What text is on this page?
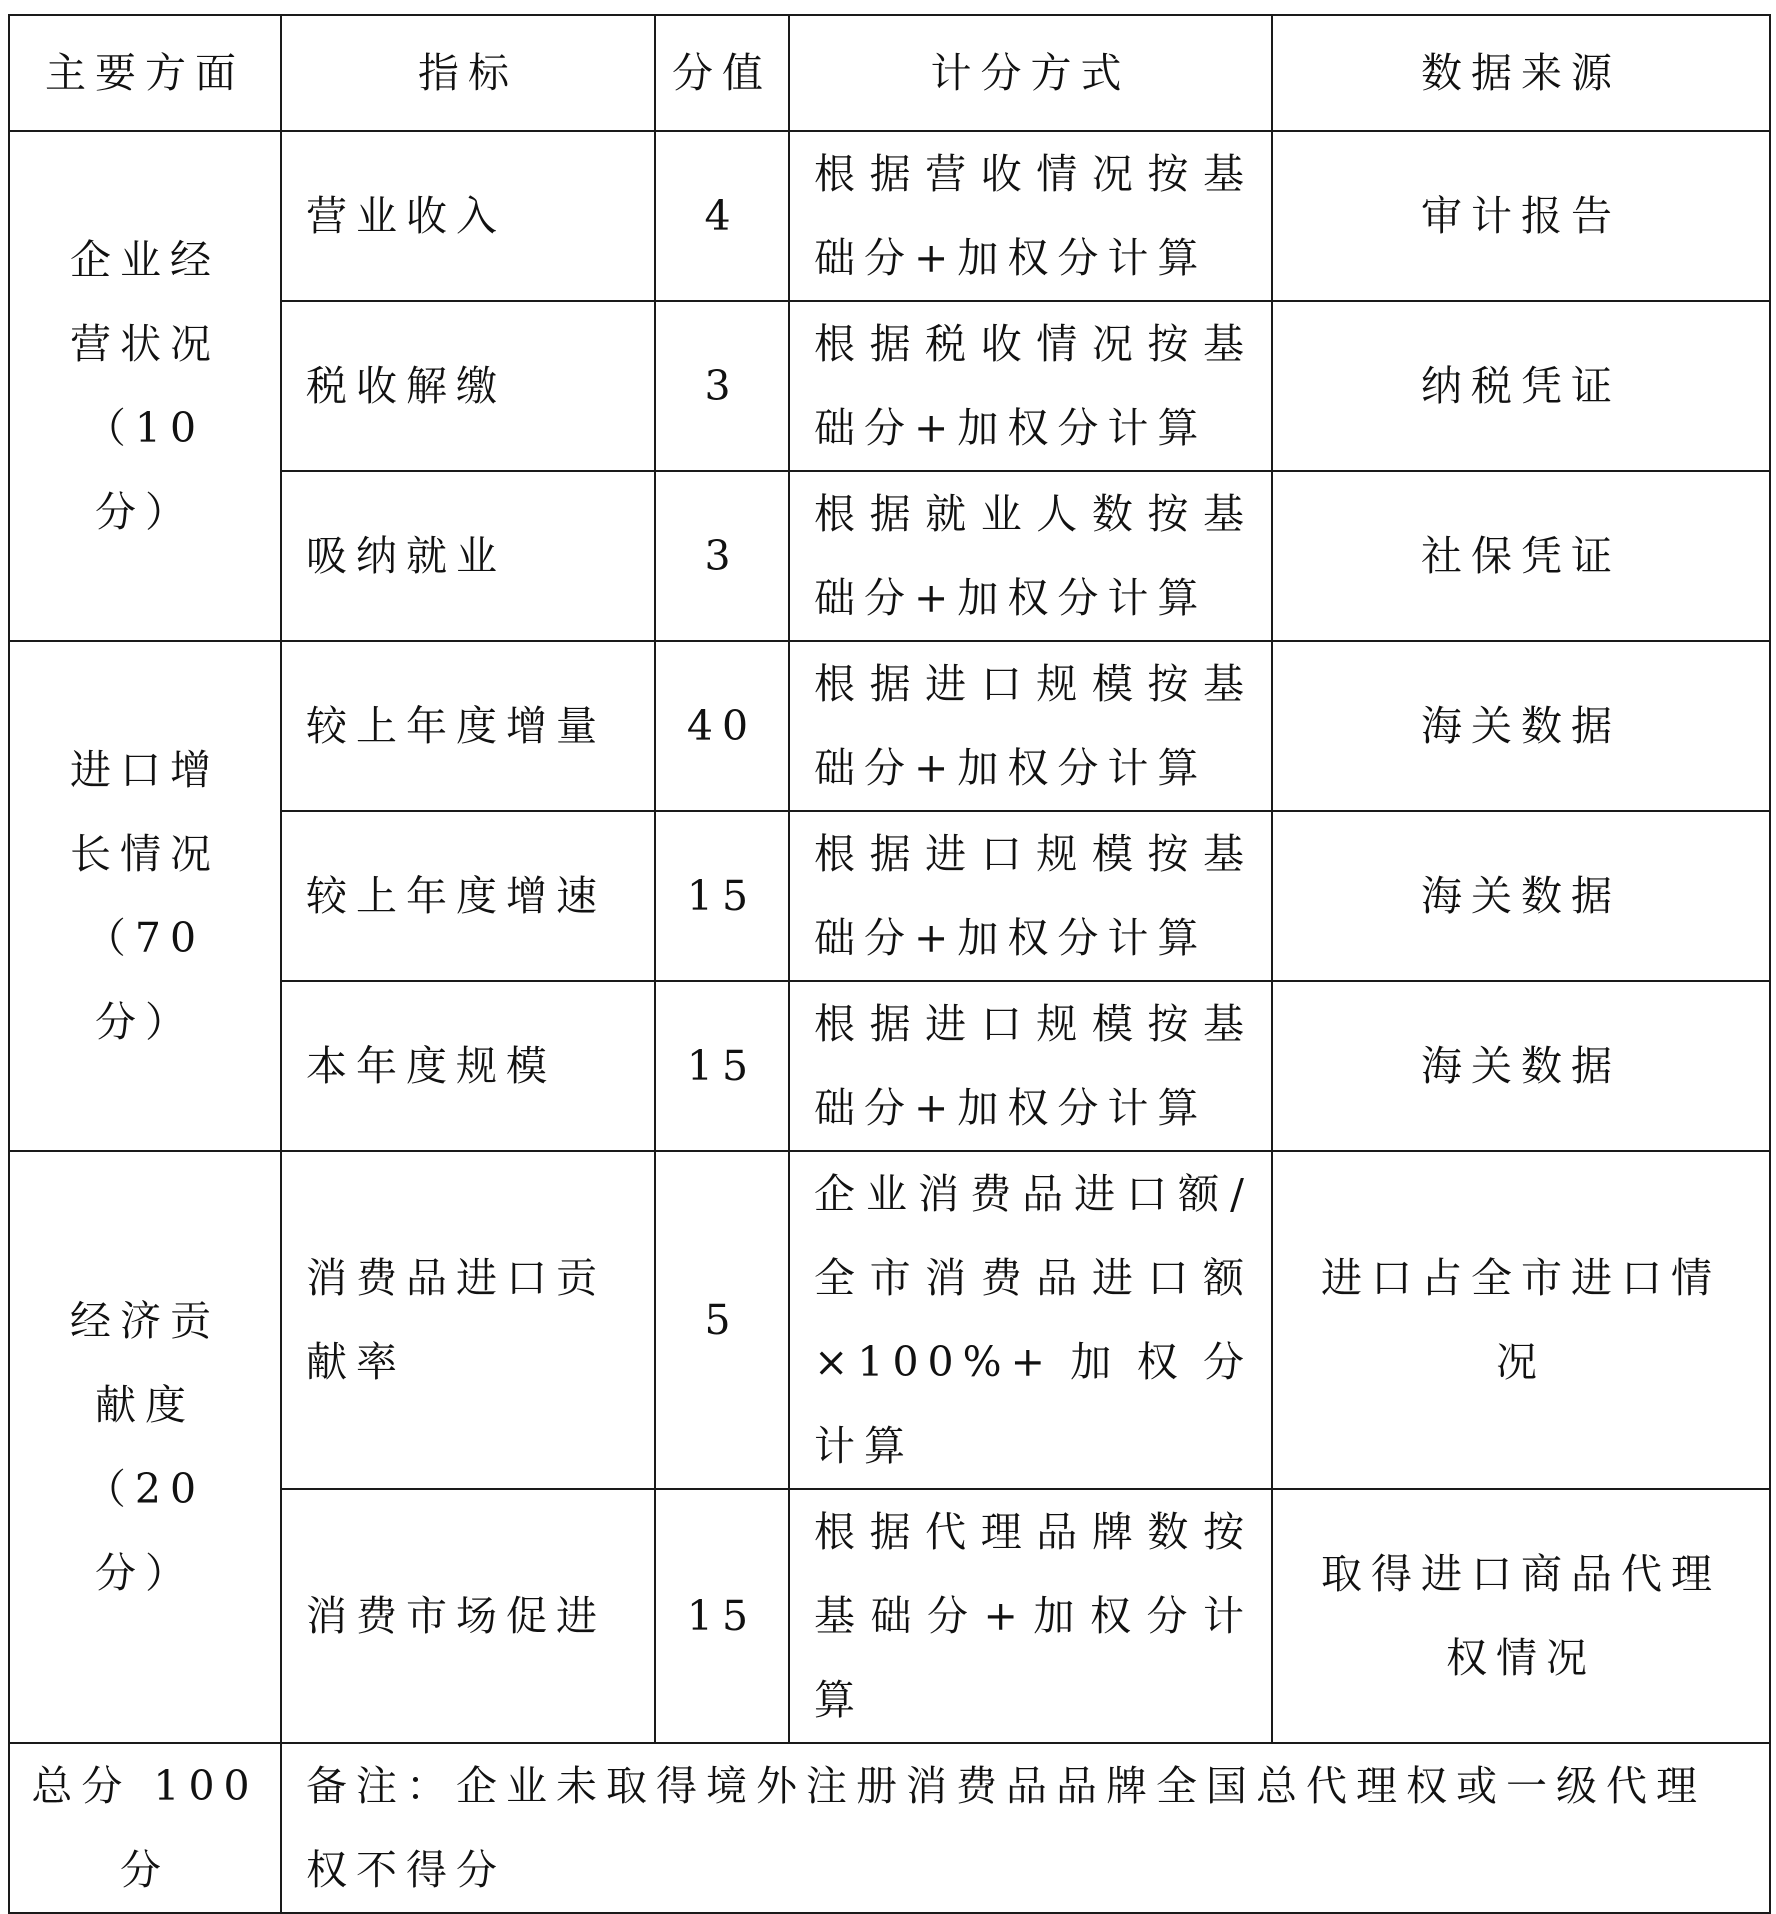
主要方面	指标	分值	计分方式	数据来源
企业经营状况（10分）	营业收入	4	根据营收情况按基础分+加权分计算	审计报告
	税收解缴	3	根据税收情况按基础分+加权分计算	纳税凭证
	吸纳就业	3	根据就业人数按基础分+加权分计算	社保凭证
进口增长情况（70分）	较上年度增量	40	根据进口规模按基础分+加权分计算	海关数据
	较上年度增速	15	根据进口规模按基础分+加权分计算	海关数据
	本年度规模	15	根据进口规模按基础分+加权分计算	海关数据
经济贡献度（20分）	消费品进口贡献率	5	企业消费品进口额/全市消费品进口额×100%+加权分计算	进口占全市进口情况
	消费市场促进	15	根据代理品牌数按基础分+加权分计算	取得进口商品代理权情况
总分 100 分	备注：企业未取得境外注册消费品品牌全国总代理权或一级代理权不得分			
